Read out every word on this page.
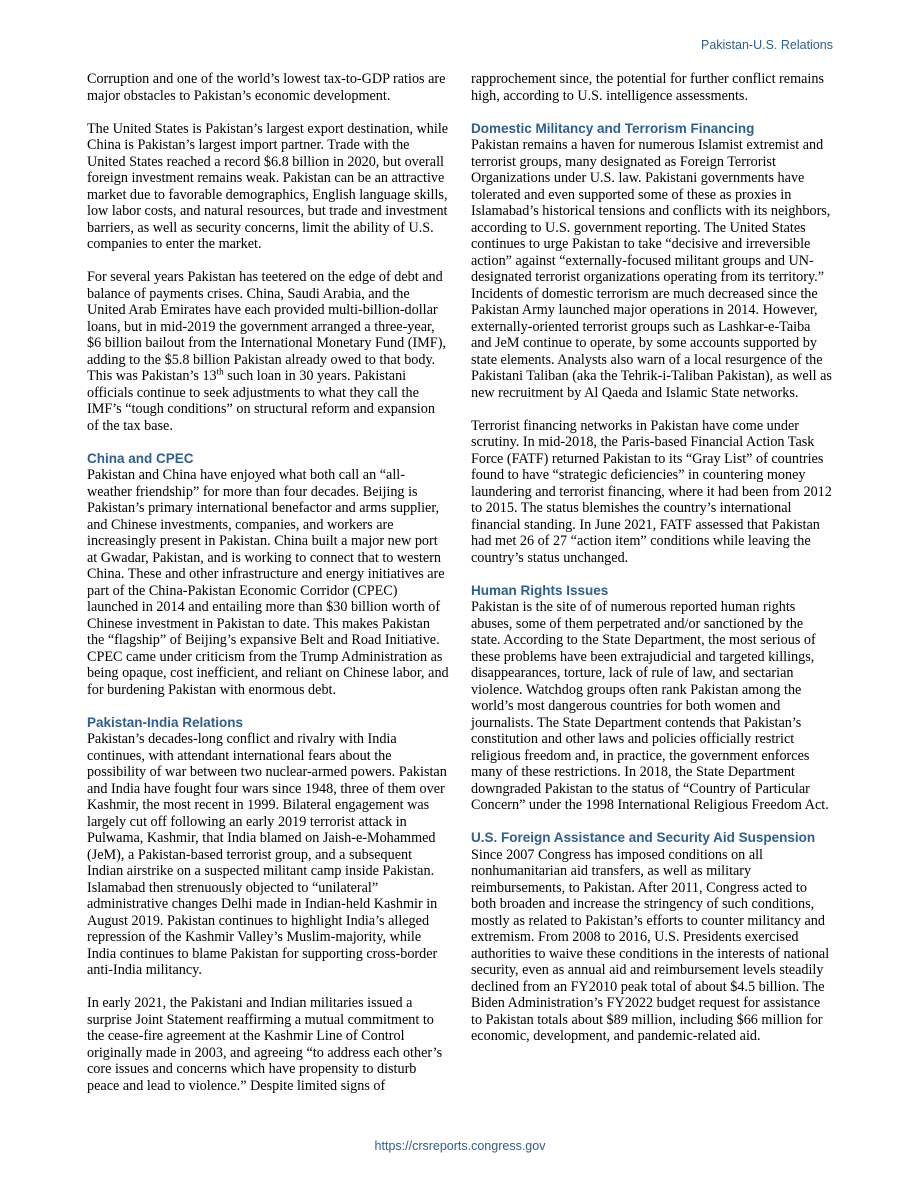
Pakistan-U.S. Relations

Corruption and one of the world’s lowest tax-to-GDP ratios are major obstacles to Pakistan’s economic development.

The United States is Pakistan’s largest export destination, while China is Pakistan’s largest import partner. Trade with the United States reached a record $6.8 billion in 2020, but overall foreign investment remains weak. Pakistan can be an attractive market due to favorable demographics, English language skills, low labor costs, and natural resources, but trade and investment barriers, as well as security concerns, limit the ability of U.S. companies to enter the market.

For several years Pakistan has teetered on the edge of debt and balance of payments crises. China, Saudi Arabia, and the United Arab Emirates have each provided multi-billion-dollar loans, but in mid-2019 the government arranged a three-year, $6 billion bailout from the International Monetary Fund (IMF), adding to the $5.8 billion Pakistan already owed to that body. This was Pakistan’s 13th such loan in 30 years. Pakistani officials continue to seek adjustments to what they call the IMF’s “tough conditions” on structural reform and expansion of the tax base.

China and CPEC

Pakistan and China have enjoyed what both call an “all-weather friendship” for more than four decades. Beijing is Pakistan’s primary international benefactor and arms supplier, and Chinese investments, companies, and workers are increasingly present in Pakistan. China built a major new port at Gwadar, Pakistan, and is working to connect that to western China. These and other infrastructure and energy initiatives are part of the China-Pakistan Economic Corridor (CPEC) launched in 2014 and entailing more than $30 billion worth of Chinese investment in Pakistan to date. This makes Pakistan the “flagship” of Beijing’s expansive Belt and Road Initiative. CPEC came under criticism from the Trump Administration as being opaque, cost inefficient, and reliant on Chinese labor, and for burdening Pakistan with enormous debt.

Pakistan-India Relations

Pakistan’s decades-long conflict and rivalry with India continues, with attendant international fears about the possibility of war between two nuclear-armed powers. Pakistan and India have fought four wars since 1948, three of them over Kashmir, the most recent in 1999. Bilateral engagement was largely cut off following an early 2019 terrorist attack in Pulwama, Kashmir, that India blamed on Jaish-e-Mohammed (JeM), a Pakistan-based terrorist group, and a subsequent Indian airstrike on a suspected militant camp inside Pakistan. Islamabad then strenuously objected to “unilateral” administrative changes Delhi made in Indian-held Kashmir in August 2019. Pakistan continues to highlight India’s alleged repression of the Kashmir Valley’s Muslim-majority, while India continues to blame Pakistan for supporting cross-border anti-India militancy.

In early 2021, the Pakistani and Indian militaries issued a surprise Joint Statement reaffirming a mutual commitment to the cease-fire agreement at the Kashmir Line of Control originally made in 2003, and agreeing “to address each other’s core issues and concerns which have propensity to disturb peace and lead to violence.” Despite limited signs of

rapprochement since, the potential for further conflict remains high, according to U.S. intelligence assessments.

Domestic Militancy and Terrorism Financing

Pakistan remains a haven for numerous Islamist extremist and terrorist groups, many designated as Foreign Terrorist Organizations under U.S. law. Pakistani governments have tolerated and even supported some of these as proxies in Islamabad’s historical tensions and conflicts with its neighbors, according to U.S. government reporting. The United States continues to urge Pakistan to take “decisive and irreversible action” against “externally-focused militant groups and UN-designated terrorist organizations operating from its territory.” Incidents of domestic terrorism are much decreased since the Pakistan Army launched major operations in 2014. However, externally-oriented terrorist groups such as Lashkar-e-Taiba and JeM continue to operate, by some accounts supported by state elements. Analysts also warn of a local resurgence of the Pakistani Taliban (aka the Tehrik-i-Taliban Pakistan), as well as new recruitment by Al Qaeda and Islamic State networks.

Terrorist financing networks in Pakistan have come under scrutiny. In mid-2018, the Paris-based Financial Action Task Force (FATF) returned Pakistan to its “Gray List” of countries found to have “strategic deficiencies” in countering money laundering and terrorist financing, where it had been from 2012 to 2015. The status blemishes the country’s international financial standing. In June 2021, FATF assessed that Pakistan had met 26 of 27 “action item” conditions while leaving the country’s status unchanged.

Human Rights Issues

Pakistan is the site of of numerous reported human rights abuses, some of them perpetrated and/or sanctioned by the state. According to the State Department, the most serious of these problems have been extrajudicial and targeted killings, disappearances, torture, lack of rule of law, and sectarian violence. Watchdog groups often rank Pakistan among the world’s most dangerous countries for both women and journalists. The State Department contends that Pakistan’s constitution and other laws and policies officially restrict religious freedom and, in practice, the government enforces many of these restrictions. In 2018, the State Department downgraded Pakistan to the status of “Country of Particular Concern” under the 1998 International Religious Freedom Act.

U.S. Foreign Assistance and Security Aid Suspension

Since 2007 Congress has imposed conditions on all nonhumanitarian aid transfers, as well as military reimbursements, to Pakistan. After 2011, Congress acted to both broaden and increase the stringency of such conditions, mostly as related to Pakistan’s efforts to counter militancy and extremism. From 2008 to 2016, U.S. Presidents exercised authorities to waive these conditions in the interests of national security, even as annual aid and reimbursement levels steadily declined from an FY2010 peak total of about $4.5 billion. The Biden Administration’s FY2022 budget request for assistance to Pakistan totals about $89 million, including $66 million for economic, development, and pandemic-related aid.

https://crsreports.congress.gov
